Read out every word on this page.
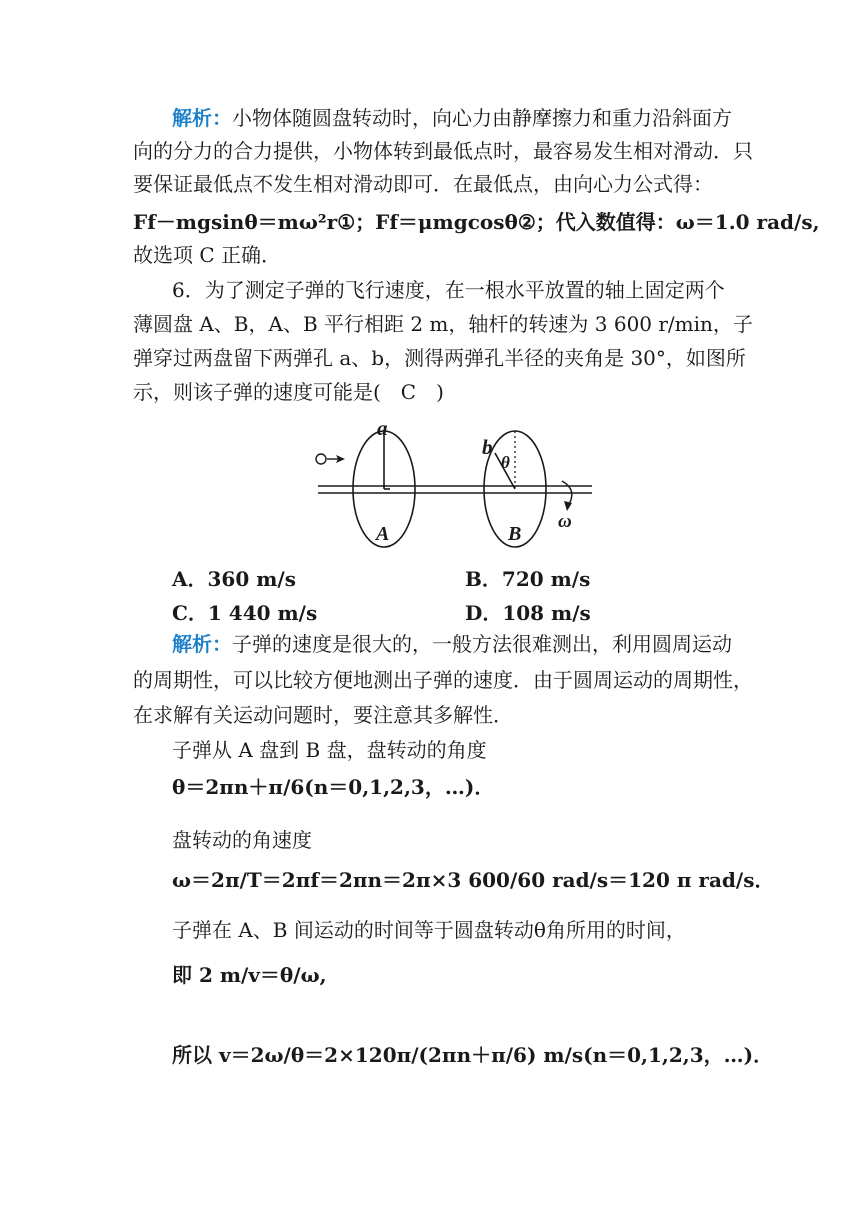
解析：小物体随圆盘转动时，向心力由静摩擦力和重力沿斜面方
向的分力的合力提供，小物体转到最低点时，最容易发生相对滑动．只
要保证最低点不发生相对滑动即可．在最低点，由向心力公式得：
Ff－mgsinθ＝mω²r①；Ff＝μmgcosθ②；代入数值得：ω＝1.0 rad/s,
故选项 C 正确．
6．为了测定子弹的飞行速度，在一根水平放置的轴上固定两个
薄圆盘 A、B，A、B 平行相距 2 m，轴杆的转速为 3 600 r/min，子
弹穿过两盘留下两弹孔 a、b，测得两弹孔半径的夹角是 30°，如图所
示，则该子弹的速度可能是(　C　)
a
b
θ
A	B
ω
A．360 m/s	B．720 m/s
C．1 440 m/s	D．108 m/s
解析：子弹的速度是很大的，一般方法很难测出，利用圆周运动
的周期性，可以比较方便地测出子弹的速度．由于圆周运动的周期性，
在求解有关运动问题时，要注意其多解性．
子弹从 A 盘到 B 盘，盘转动的角度
θ＝2πn＋π/6(n＝0,1,2,3，…)．
盘转动的角速度
ω＝2π/T＝2πf＝2πn＝2π×3 600/60 rad/s＝120 π rad/s．
子弹在 A、B 间运动的时间等于圆盘转动θ角所用的时间，
即 2 m/v＝θ/ω,
所以 v＝2ω/θ＝2×120π/(2πn＋π/6) m/s(n＝0,1,2,3，…)．
